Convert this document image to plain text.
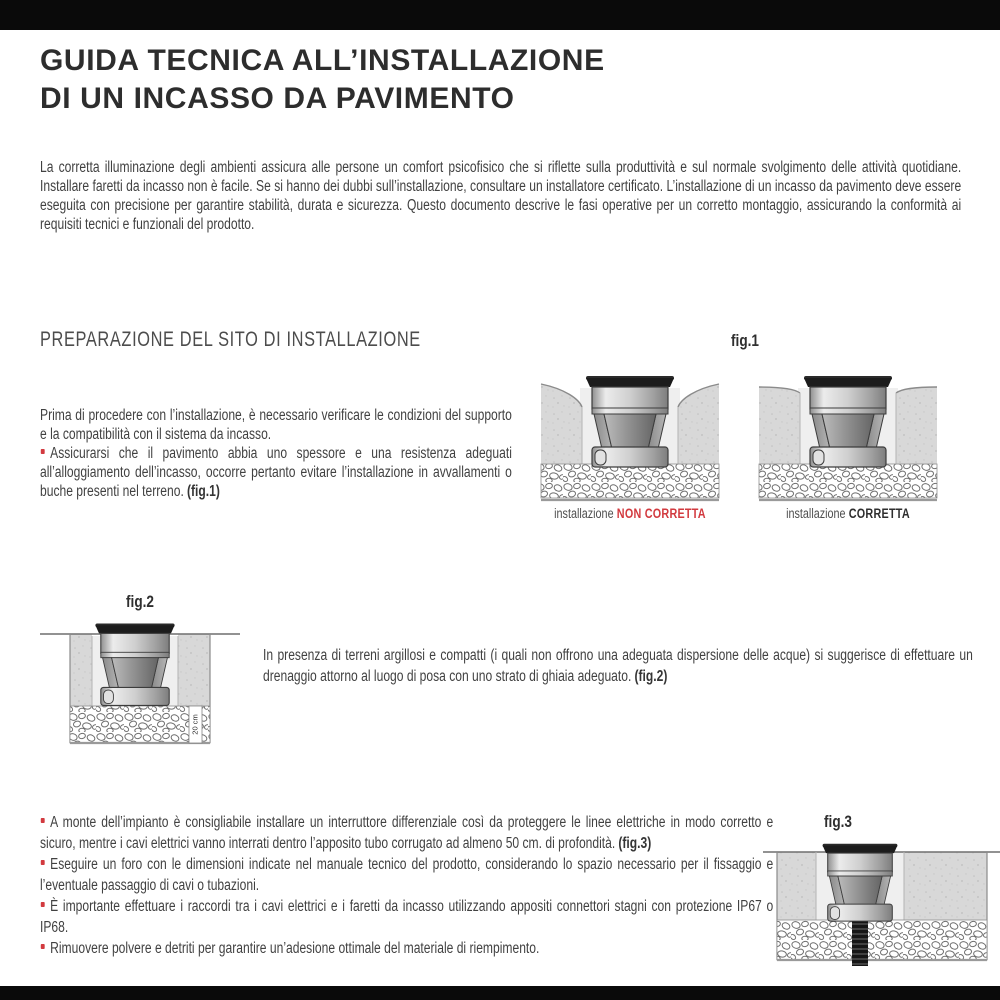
GUIDA TECNICA ALL’INSTALLAZIONE
DI UN INCASSO DA PAVIMENTO

La corretta illuminazione degli ambienti assicura alle persone un comfort psicofisico che si riflette sulla produttività e sul normale svolgimento delle attività quotidiane. Installare faretti da incasso non è facile. Se si hanno dei dubbi sull’installazione, consultare un installatore certificato. L’installazione di un incasso da pavimento deve essere eseguita con precisione per garantire stabilità, durata e sicurezza. Questo documento descrive le fasi operative per un corretto montaggio, assicurando la conformità ai requisiti tecnici e funzionali del prodotto.

PREPARAZIONE DEL SITO DI INSTALLAZIONE	fig.1
installazione NON CORRETTA	installazione CORRETTA

Prima di procedere con l’installazione, è necessario verificare le condizioni del supporto e la compatibilità con il sistema da incasso.

Assicurarsi che il pavimento abbia uno spessore e una resistenza adeguati all’alloggiamento dell’incasso, occorre pertanto evitare l’installazione in avvallamenti o buche presenti nel terreno. (fig.1)

fig.2
20 cm

In presenza di terreni argillosi e compatti (i quali non offrono una adeguata dispersione delle acque) si suggerisce di effettuare un drenaggio attorno al luogo di posa con uno strato di ghiaia adeguato. (fig.2)

fig.3

A monte dell’impianto è consigliabile installare un interruttore differenziale così da proteggere le linee elettriche in modo corretto e sicuro, mentre i cavi elettrici vanno interrati dentro l’apposito tubo corrugato ad almeno 50 cm. di profondità. (fig.3)

Eseguire un foro con le dimensioni indicate nel manuale tecnico del prodotto, considerando lo spazio necessario per il fissaggio e l’eventuale passaggio di cavi o tubazioni.

È importante effettuare i raccordi tra i cavi elettrici e i faretti da incasso utilizzando appositi connettori stagni con protezione IP67 o IP68.

Rimuovere polvere e detriti per garantire un’adesione ottimale del materiale di riempimento.
